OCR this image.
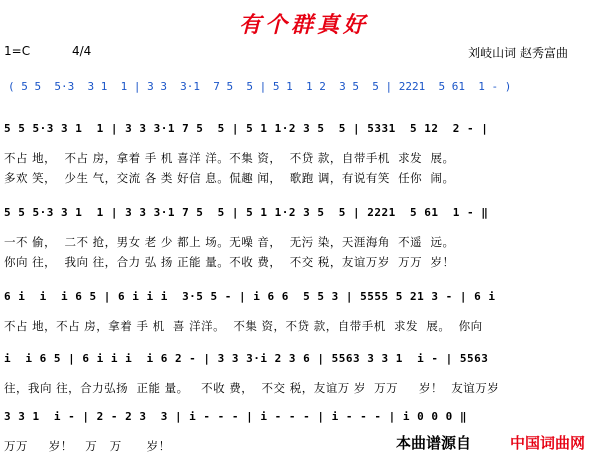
有个群真好
1=C	4/4	刘岐山词 赵秀富曲
( 5 5  5·3  3 1  1 | 3 3  3·1  7 5  5 | 5 1  1 2  3 5  5 | 2221  5 61  1 - )
5 5 5·3 3 1  1 | 3 3 3·1 7 5  5 | 5 1 1·2 3 5  5 | 5331  5 12  2 - |
不占 地，  不占 房，拿着 手 机 喜洋 洋。不集 资，  不贷 款，自带手机  求发  展。
多欢 笑，  少生 气，交流 各 类 好信 息。侃趣 闻，  歌跑 调，有说有笑  任你  闹。
5 5 5·3 3 1  1 | 3 3 3·1 7 5  5 | 5 1 1·2 3 5  5 | 2221  5 61  1 - ‖
一不 偷，  二不 抢，男女 老 少 都上 场。无噪 音，  无污 染，天涯海角  不遥  远。
你向 往，  我向 往，合力 弘 扬 正能 量。不收 费，  不交 税，友谊万岁  万万  岁！
6 i  i  i 6 5 | 6 i i i  3·5 5 - | i 6 6  5 5 3 | 5555 5 21 3 - | 6 i
不占 地，不占 房，拿着 手 机  喜 洋洋。  不集 资，不贷 款，自带手机  求发  展。  你向
i  i 6 5 | 6 i i i  i 6 2 - | 3 3 3·i 2 3 6 | 5563 3 3 1  i - | 5563
往，我向 往，合力弘扬  正能 量。   不收 费，  不交 税，友谊万 岁  万万     岁！  友谊万岁
3 3 1  i - | 2 - 2 3  3 | i - - - | i - - - | i - - - | i 0 0 0 ‖
万万     岁！   万   万      岁！	本曲谱源自	中国词曲网
